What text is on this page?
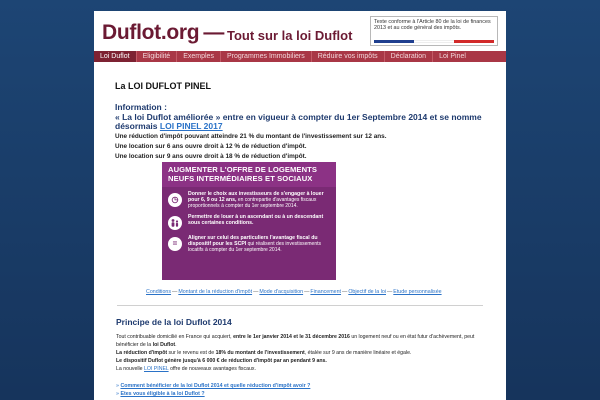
Duflot.org — Tout sur la loi Duflot
Texte conforme à l'Article 80 de la loi de finances 2013 et au code général des impôts.
Loi Duflot	Eligibilité	Exemples	Programmes Immobiliers	Réduire vos impôts	Déclaration	Loi Pinel
La LOI DUFLOT PINEL
Information :
« La loi Duflot améliorée » entre en vigueur à compter du 1er Septembre 2014 et se nomme désormais LOI PINEL 2017
Une réduction d'impôt pouvant atteindre 21 % du montant de l'investissement sur 12 ans.
Une location sur 6 ans ouvre droit à 12 % de réduction d'impôt.
Une location sur 9 ans ouvre droit à 18 % de réduction d'impôt.
AUGMENTER L'OFFRE DE LOGEMENTS NEUFS INTERMÉDIAIRES ET SOCIAUX
◷
Donner le choix aux investisseurs de s'engager à louer pour 6, 9 ou 12 ans, en contrepartie d'avantages fiscaux proportionnels à compter du 1er septembre 2014.
Permettre de louer à un ascendant ou à un descendant sous certaines conditions.
=
Aligner sur celui des particuliers l'avantage fiscal du dispositif pour les SCPI qui réalisent des investissements locatifs à compter du 1er septembre 2014.
Conditions—Montant de la réduction d'impôt—Mode d'acquisition—Financement—Objectif de la loi—Etude personnalisée
Principe de la loi Duflot 2014
Tout contribuable domicilié en France qui acquiert, entre le 1er janvier 2014 et le 31 décembre 2016 un logement neuf ou en état futur d'achèvement, peut bénéficier de la loi Duflot.
La réduction d'impôt sur le revenu est de 18% du montant de l'investissement, étalée sur 9 ans de manière linéaire et égale.
Le dispositif Duflot génère jusqu'à 6 000 € de réduction d'impôt par an pendant 9 ans.
La nouvelle LOI PINEL offre de nouveaux avantages fiscaux.
» Comment bénéficier de la loi Duflot 2014 et quelle réduction d'impôt avoir ?
» Etes vous éligible à la loi Duflot ?
